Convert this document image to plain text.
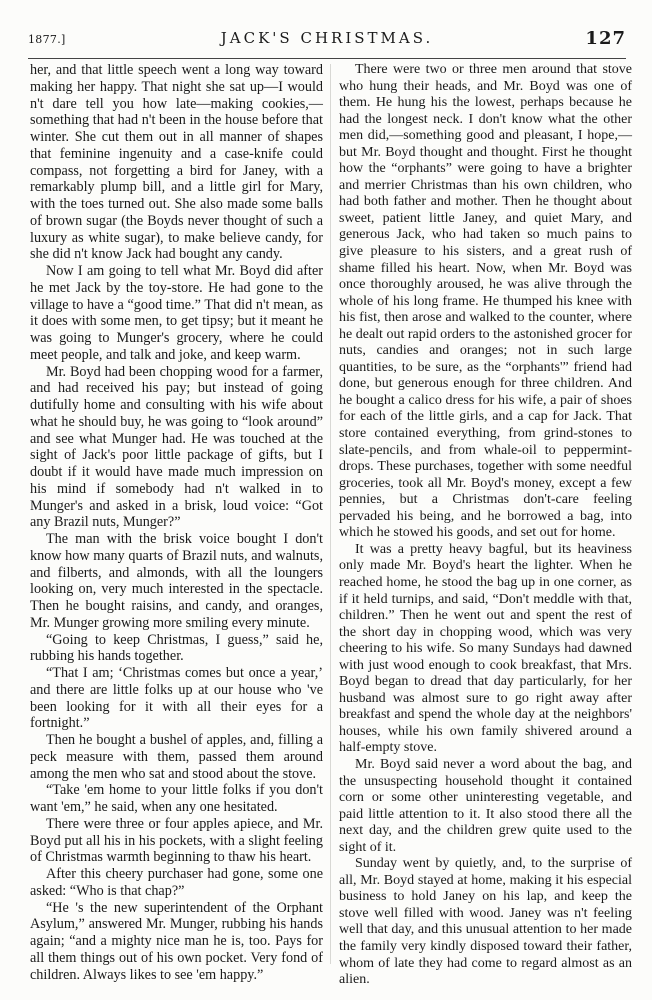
1877.]	JACK'S CHRISTMAS.	127

her, and that little speech went a long way toward making her happy. That night she sat up—I would n't dare tell you how late—making cookies,—something that had n't been in the house before that winter. She cut them out in all manner of shapes that feminine ingenuity and a case-knife could compass, not forgetting a bird for Janey, with a remarkably plump bill, and a little girl for Mary, with the toes turned out. She also made some balls of brown sugar (the Boyds never thought of such a luxury as white sugar), to make believe candy, for she did n't know Jack had bought any candy.

Now I am going to tell what Mr. Boyd did after he met Jack by the toy-store. He had gone to the village to have a “good time.” That did n't mean, as it does with some men, to get tipsy; but it meant he was going to Munger's grocery, where he could meet people, and talk and joke, and keep warm.

Mr. Boyd had been chopping wood for a farmer, and had received his pay; but instead of going dutifully home and consulting with his wife about what he should buy, he was going to “look around” and see what Munger had. He was touched at the sight of Jack's poor little package of gifts, but I doubt if it would have made much impression on his mind if somebody had n't walked in to Munger's and asked in a brisk, loud voice: “Got any Brazil nuts, Munger?”

The man with the brisk voice bought I don't know how many quarts of Brazil nuts, and walnuts, and filberts, and almonds, with all the loungers looking on, very much interested in the spectacle. Then he bought raisins, and candy, and oranges, Mr. Munger growing more smiling every minute.

“Going to keep Christmas, I guess,” said he, rubbing his hands together.

“That I am; ‘Christmas comes but once a year,’ and there are little folks up at our house who 've been looking for it with all their eyes for a fortnight.”

Then he bought a bushel of apples, and, filling a peck measure with them, passed them around among the men who sat and stood about the stove.

“Take 'em home to your little folks if you don't want 'em,” he said, when any one hesitated.

There were three or four apples apiece, and Mr. Boyd put all his in his pockets, with a slight feeling of Christmas warmth beginning to thaw his heart.

After this cheery purchaser had gone, some one asked: “Who is that chap?”

“He 's the new superintendent of the Orphant Asylum,” answered Mr. Munger, rubbing his hands again; “and a mighty nice man he is, too. Pays for all them things out of his own pocket. Very fond of children. Always likes to see 'em happy.”

There were two or three men around that stove who hung their heads, and Mr. Boyd was one of them. He hung his the lowest, perhaps because he had the longest neck. I don't know what the other men did,—something good and pleasant, I hope,—but Mr. Boyd thought and thought. First he thought how the “orphants” were going to have a brighter and merrier Christmas than his own children, who had both father and mother. Then he thought about sweet, patient little Janey, and quiet Mary, and generous Jack, who had taken so much pains to give pleasure to his sisters, and a great rush of shame filled his heart. Now, when Mr. Boyd was once thoroughly aroused, he was alive through the whole of his long frame. He thumped his knee with his fist, then arose and walked to the counter, where he dealt out rapid orders to the astonished grocer for nuts, candies and oranges; not in such large quantities, to be sure, as the “orphants'” friend had done, but generous enough for three children. And he bought a calico dress for his wife, a pair of shoes for each of the little girls, and a cap for Jack. That store contained everything, from grind-stones to slate-pencils, and from whale-oil to peppermint-drops. These purchases, together with some needful groceries, took all Mr. Boyd's money, except a few pennies, but a Christmas don't-care feeling pervaded his being, and he borrowed a bag, into which he stowed his goods, and set out for home.

It was a pretty heavy bagful, but its heaviness only made Mr. Boyd's heart the lighter. When he reached home, he stood the bag up in one corner, as if it held turnips, and said, “Don't meddle with that, children.” Then he went out and spent the rest of the short day in chopping wood, which was very cheering to his wife. So many Sundays had dawned with just wood enough to cook breakfast, that Mrs. Boyd began to dread that day particularly, for her husband was almost sure to go right away after breakfast and spend the whole day at the neighbors' houses, while his own family shivered around a half-empty stove.

Mr. Boyd said never a word about the bag, and the unsuspecting household thought it contained corn or some other uninteresting vegetable, and paid little attention to it. It also stood there all the next day, and the children grew quite used to the sight of it.

Sunday went by quietly, and, to the surprise of all, Mr. Boyd stayed at home, making it his especial business to hold Janey on his lap, and keep the stove well filled with wood. Janey was n't feeling well that day, and this unusual attention to her made the family very kindly disposed toward their father, whom of late they had come to regard almost as an alien.
